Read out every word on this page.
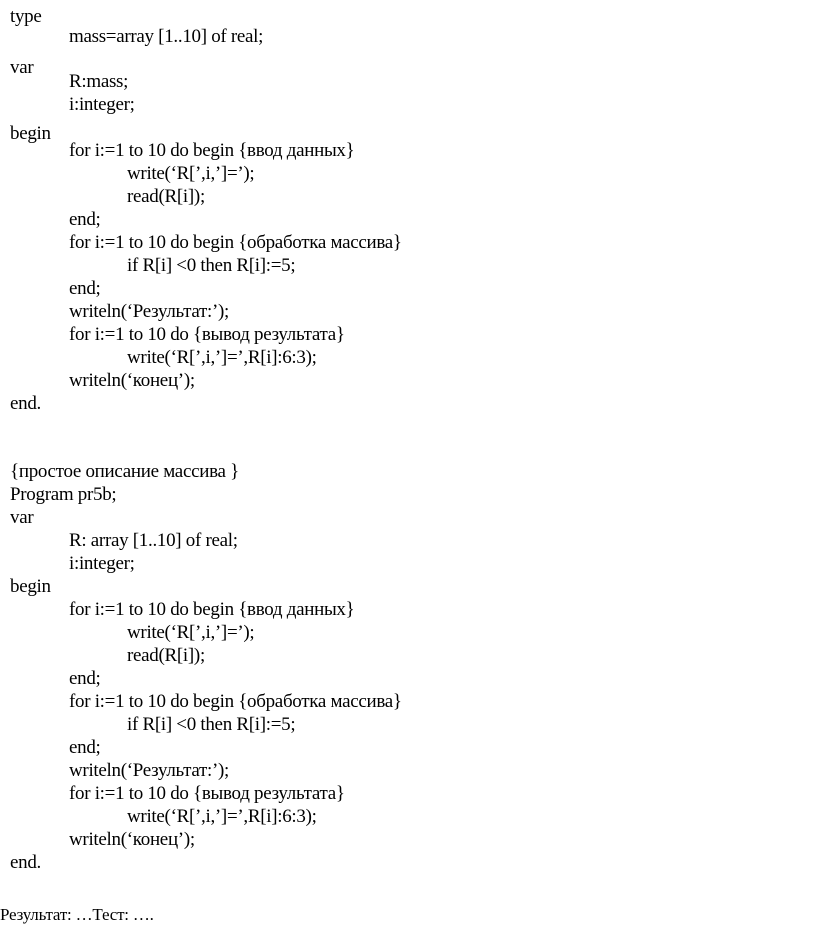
type
mass=array [1..10] of real;
var
R:mass;
i:integer;
begin
for i:=1 to 10 do begin {ввод данных}
write(‘R[’,i,’]=’);
read(R[i]);
end;
for i:=1 to 10 do begin {обработка массива}
if R[i] <0 then R[i]:=5;
end;
writeln(‘Результат:’);
for i:=1 to 10 do {вывод результата}
write(‘R[’,i,’]=’,R[i]:6:3);
writeln(‘конец’);
end.
{простое описание массива }
Program pr5b;
var
R: array [1..10] of real;
i:integer;
begin
for i:=1 to 10 do begin {ввод данных}
write(‘R[’,i,’]=’);
read(R[i]);
end;
for i:=1 to 10 do begin {обработка массива}
if R[i] <0 then R[i]:=5;
end;
writeln(‘Результат:’);
for i:=1 to 10 do {вывод результата}
write(‘R[’,i,’]=’,R[i]:6:3);
writeln(‘конец’);
end.
Результат: …Тест: ….
